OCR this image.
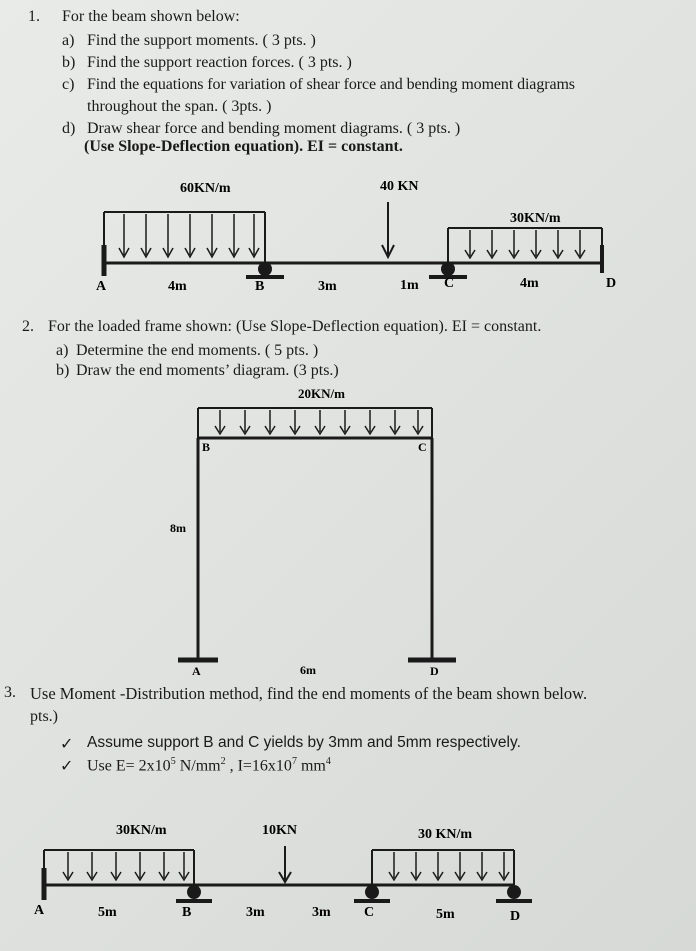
1. For the beam shown below:
a) Find the support moments. ( 3 pts. )
b) Find the support reaction forces. ( 3 pts. )
c) Find the equations for variation of shear force and bending moment diagrams
throughout the span. ( 3pts. )
d) Draw shear force and bending moment diagrams. ( 3 pts. )
(Use Slope-Deflection equation). EI = constant.
60KN/m	40 KN
30KN/m
A	B	C	D
4m	3m	1m	4m
2. For the loaded frame shown: (Use Slope-Deflection equation). EI = constant.
a) Determine the end moments. ( 5 pts. )
b) Draw the end moments’ diagram. (3 pts.)
20KN/m
B	C
A	D
8m
6m
3. Use Moment -Distribution method, find the end moments of the beam shown below.
pts.)
✓ Assume support B and C yields by 3mm and 5mm respectively.
✓ Use $E= 2x10^5$ $N/mm^2$ , $I=16x10^7$ $mm^4$
30KN/m	10KN	30 KN/m
A	B	C	D
5m	3m	3m	5m
